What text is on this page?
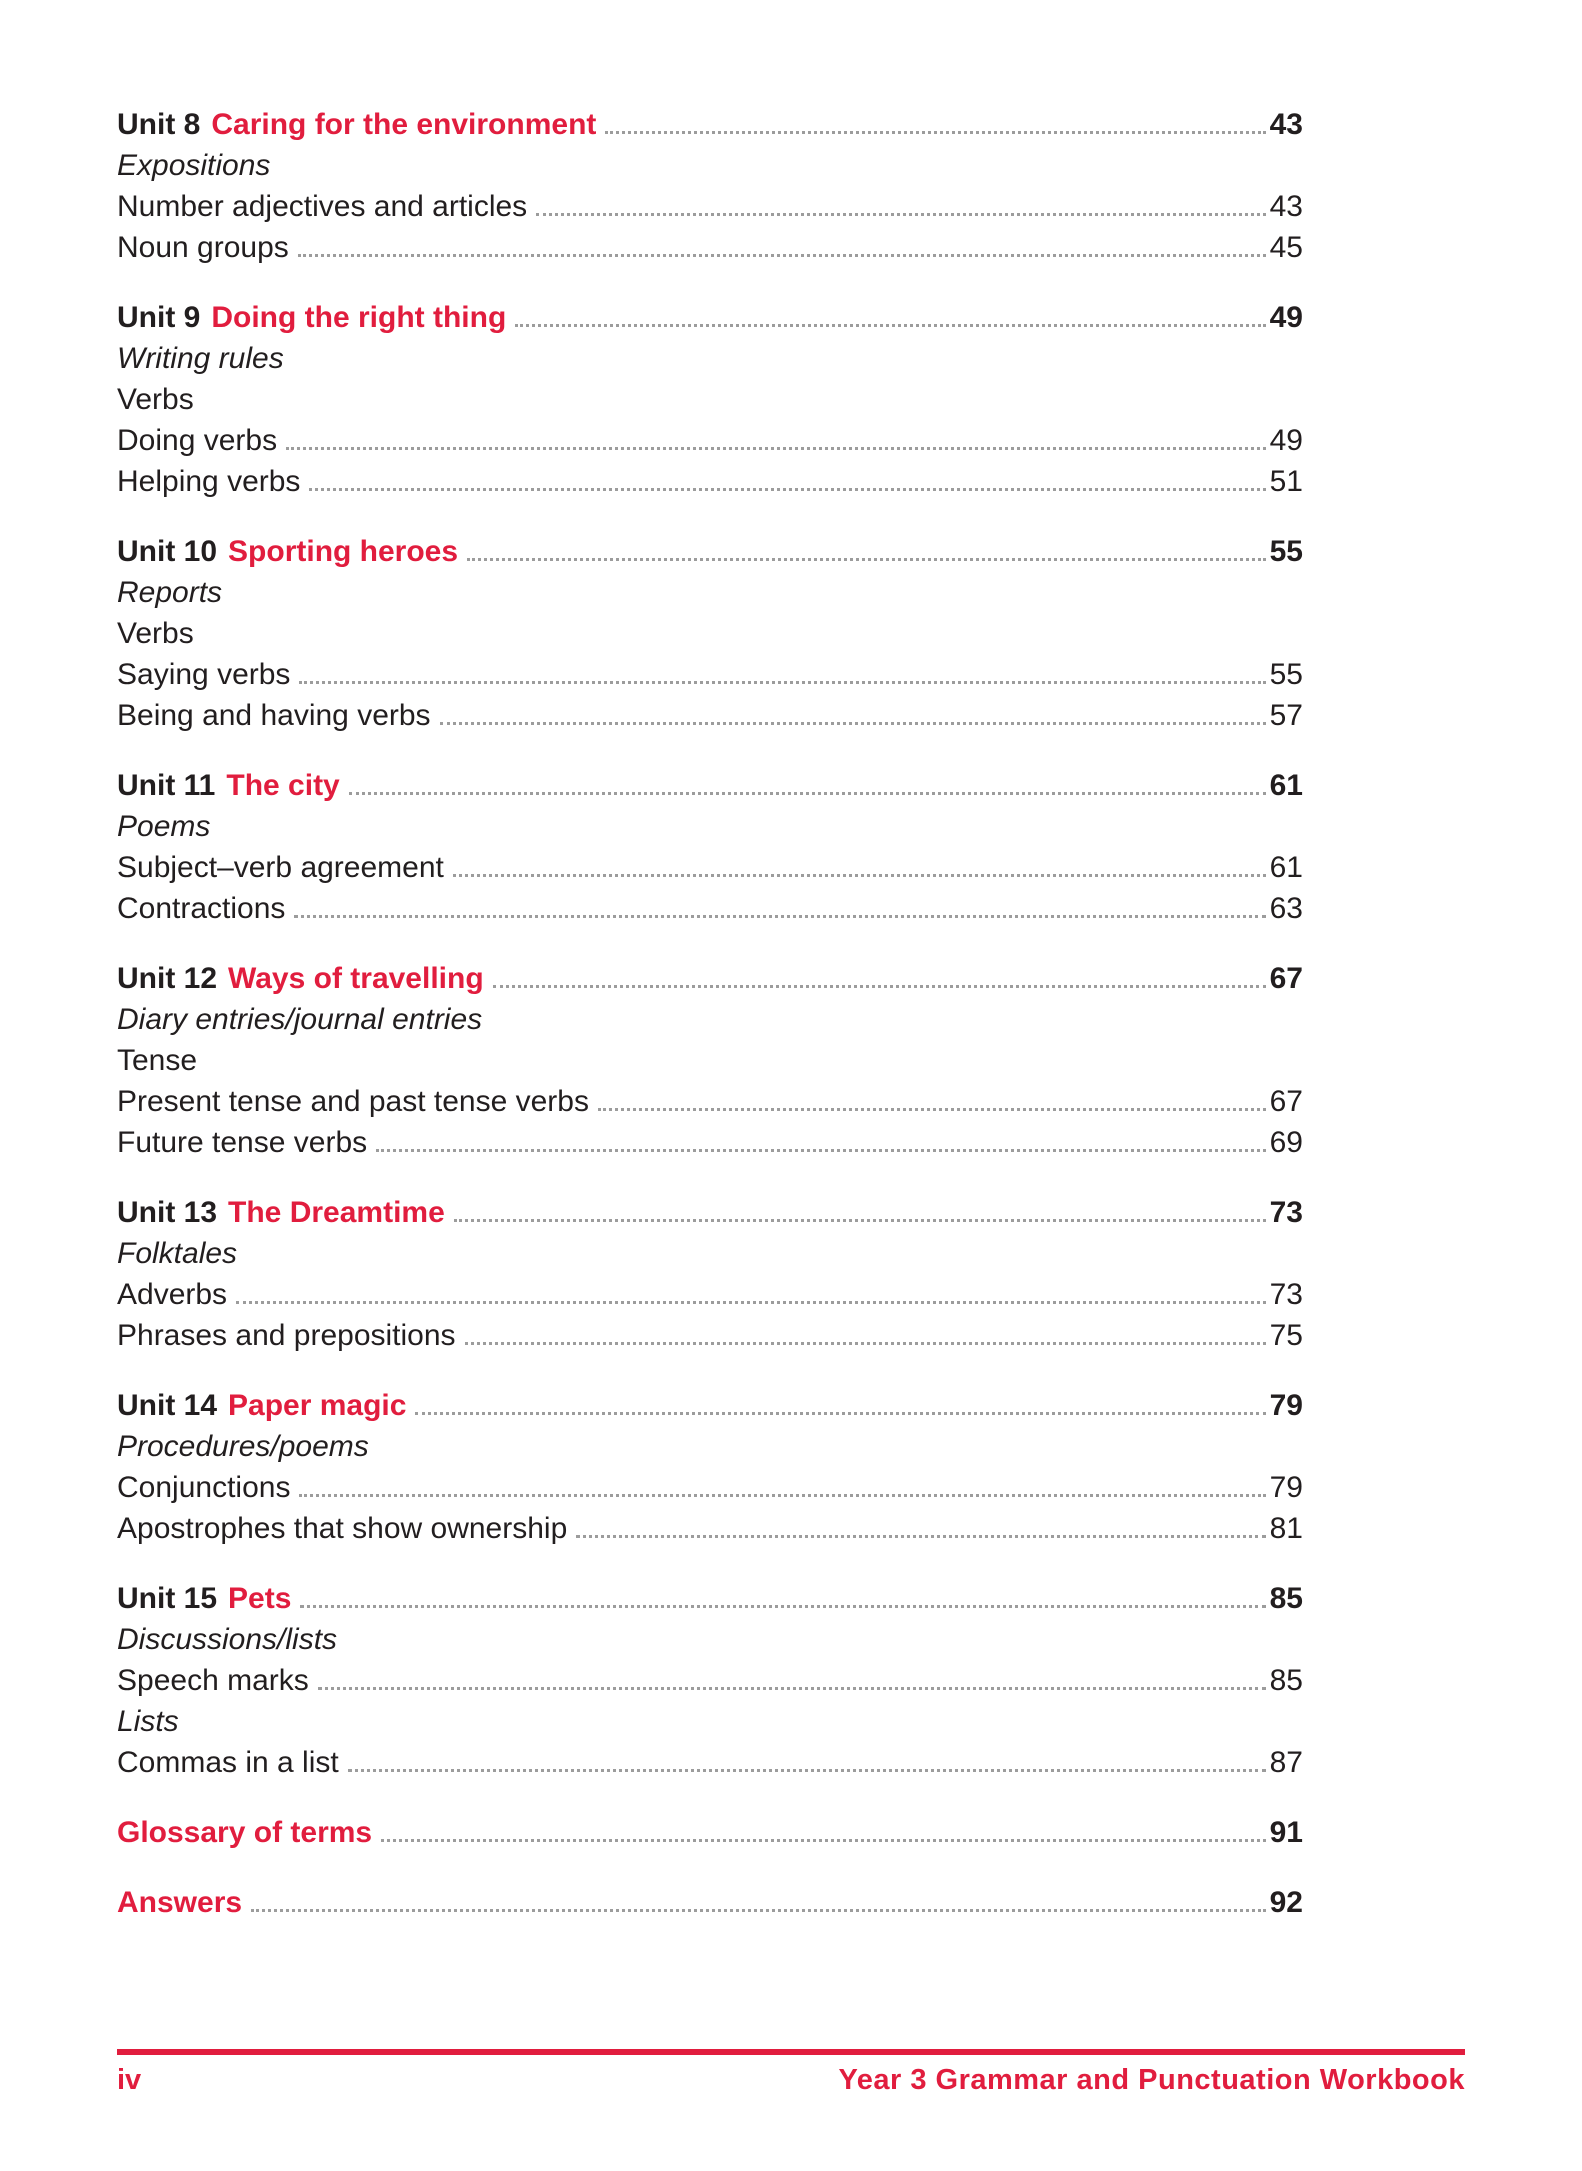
Unit 8 Caring for the environment	43
Expositions
Number adjectives and articles	43
Noun groups	45
Unit 9 Doing the right thing	49
Writing rules
Verbs
Doing verbs	49
Helping verbs	51
Unit 10 Sporting heroes	55
Reports
Verbs
Saying verbs	55
Being and having verbs	57
Unit 11 The city	61
Poems
Subject–verb agreement	61
Contractions	63
Unit 12 Ways of travelling	67
Diary entries/journal entries
Tense
Present tense and past tense verbs	67
Future tense verbs	69
Unit 13 The Dreamtime	73
Folktales
Adverbs	73
Phrases and prepositions	75
Unit 14 Paper magic	79
Procedures/poems
Conjunctions	79
Apostrophes that show ownership	81
Unit 15 Pets	85
Discussions/lists
Speech marks	85
Lists
Commas in a list	87
Glossary of terms	91
Answers	92
iv	Year 3 Grammar and Punctuation Workbook
